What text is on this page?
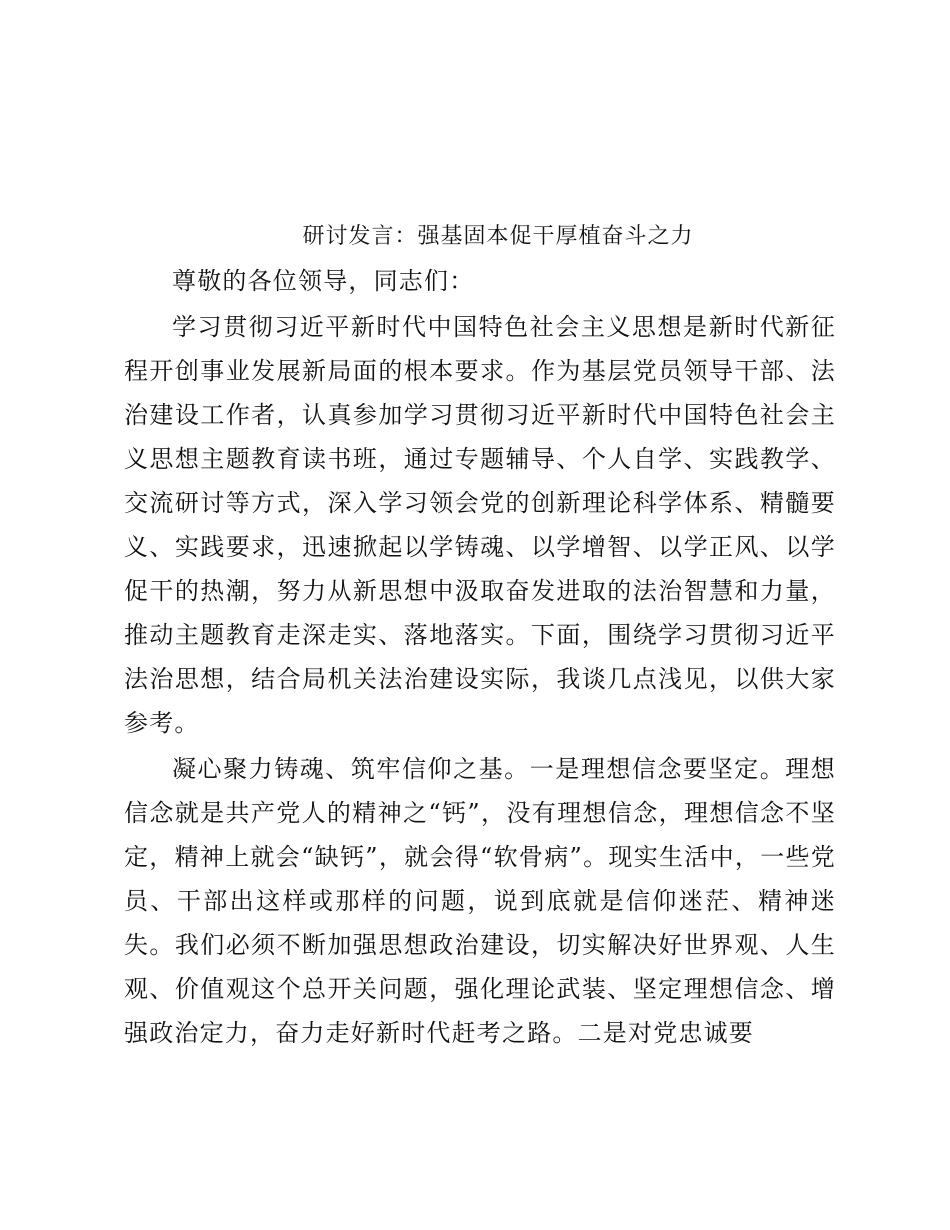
研讨发言：强基固本促干厚植奋斗之力

尊敬的各位领导，同志们：

学习贯彻习近平新时代中国特色社会主义思想是新时代新征程开创事业发展新局面的根本要求。作为基层党员领导干部、法治建设工作者，认真参加学习贯彻习近平新时代中国特色社会主义思想主题教育读书班，通过专题辅导、个人自学、实践教学、交流研讨等方式，深入学习领会党的创新理论科学体系、精髓要义、实践要求，迅速掀起以学铸魂、以学增智、以学正风、以学促干的热潮，努力从新思想中汲取奋发进取的法治智慧和力量，推动主题教育走深走实、落地落实。下面，围绕学习贯彻习近平法治思想，结合局机关法治建设实际，我谈几点浅见，以供大家参考。

凝心聚力铸魂、筑牢信仰之基。一是理想信念要坚定。理想信念就是共产党人的精神之“钙”，没有理想信念，理想信念不坚定，精神上就会“缺钙”，就会得“软骨病”。现实生活中，一些党员、干部出这样或那样的问题，说到底就是信仰迷茫、精神迷失。我们必须不断加强思想政治建设，切实解决好世界观、人生观、价值观这个总开关问题，强化理论武装、坚定理想信念、增强政治定力，奋力走好新时代赶考之路。二是对党忠诚要
